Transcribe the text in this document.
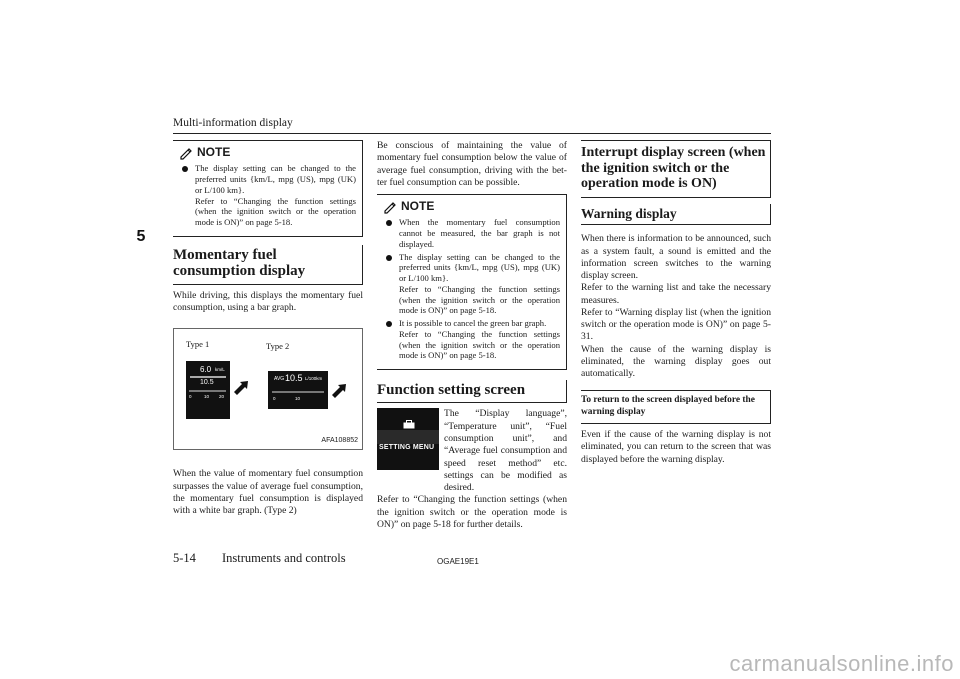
Multi-information display
5
NOTE

The display setting can be changed to the preferred units {km/L, mpg (US), mpg (UK) or L/100 km}.

Refer to “Changing the function settings (when the ignition switch or the operation mode is ON)” on page 5-18.

Momentary fuel consumption display

While driving, this displays the momentary fuel consumption, using a bar graph.

Type 1	Type 2
6.0 km/L
10.5
0	10 20
AVG 10.5 L/100km
0	10
AFA108852

When the value of momentary fuel consumption surpasses the value of average fuel consumption, the momentary fuel consumption is displayed with a white bar graph. (Type 2)

Be conscious of maintaining the value of momentary fuel consumption below the value of average fuel consumption, driving with the bet-ter fuel consumption can be possible.

NOTE

When the momentary fuel consumption cannot be measured, the bar graph is not displayed.

The display setting can be changed to the preferred units {km/L, mpg (US), mpg (UK) or L/100 km}.

Refer to “Changing the function settings (when the ignition switch or the operation mode is ON)” on page 5-18.

It is possible to cancel the green bar graph.

Refer to “Changing the function settings (when the ignition switch or the operation mode is ON)” on page 5-18.

Function setting screen
SETTING MENU

The “Display language”, “Temperature unit”, “Fuel consumption unit”, and “Average fuel consumption and speed reset method” etc. settings can be modified as desired.

Refer to “Changing the function settings (when the ignition switch or the operation mode is ON)” on page 5-18 for further details.

Interrupt display screen (when the ignition switch or the operation mode is ON)
Warning display

When there is information to be announced, such as a system fault, a sound is emitted and the information screen switches to the warning display screen.

Refer to the warning list and take the necessary measures.

Refer to “Warning display list (when the ignition switch or the operation mode is ON)” on page 5-31.

When the cause of the warning display is eliminated, the warning display goes out automatically.

To return to the screen displayed before the warning display

Even if the cause of the warning display is not eliminated, you can return to the screen that was displayed before the warning display.

5-14 Instruments and controls	OGAE19E1
carmanualsonline.info
